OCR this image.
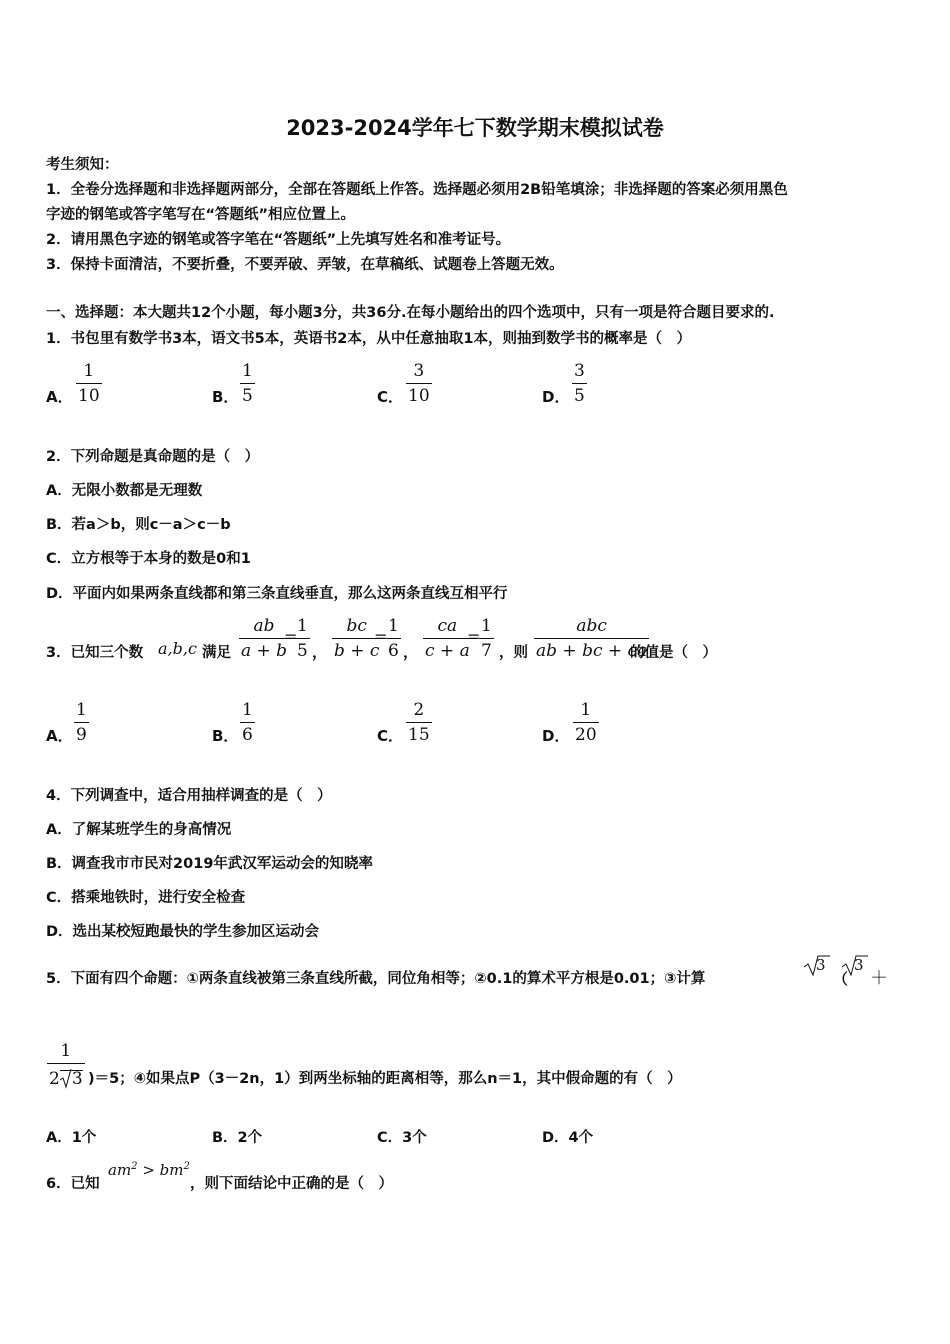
2023-2024学年七下数学期末模拟试卷
考生须知：
1．全卷分选择题和非选择题两部分，全部在答题纸上作答。选择题必须用2B铅笔填涂；非选择题的答案必须用黑色
字迹的钢笔或答字笔写在“答题纸”相应位置上。
2．请用黑色字迹的钢笔或答字笔在“答题纸”上先填写姓名和准考证号。
3．保持卡面清洁，不要折叠，不要弄破、弄皱，在草稿纸、试题卷上答题无效。
一、选择题：本大题共12个小题，每小题3分，共36分.在每小题给出的四个选项中，只有一项是符合题目要求的.
1．书包里有数学书3本，语文书5本，英语书2本，从中任意抽取1本，则抽到数学书的概率是（　）
A．
1
10	B．
1
5	C．
3
10	D．
3
5
2．下列命题是真命题的是（　）
A．无限小数都是无理数
B．若a＞b，则c－a＞c－b
C．立方根等于本身的数是0和1
D．平面内如果两条直线都和第三条直线垂直，那么这两条直线互相平行
3．已知三个数 a,b,c 满足
ab
a + b
=
1
5 ，
bc
b + c
=
1
6 ，
ca
c + a
=
1
7 ，则
abc
ab + bc + ca
的值是（　）
A．
1
9	B．
1
6	C．
2
15	D．
1
20
4．下列调查中，适合用抽样调查的是（　）
A．了解某班学生的身高情况
B．调查我市市民对2019年武汉军运动会的知晓率
C．搭乘地铁时，进行安全检查
D．选出某校短跑最快的学生参加区运动会
5．下面有四个命题：①两条直线被第三条直线所截，同位角相等；②0.1的算术平方根是0.01；③计算
3
（
3
＋
1
2 3 )＝5；④如果点P（3－2n，1）到两坐标轴的距离相等，那么n＝1，其中假命题的有（　）
A．1个	B．2个	C．3个	D．4个
6．已知
$am^2 > bm^2$
，则下面结论中正确的是（　）
